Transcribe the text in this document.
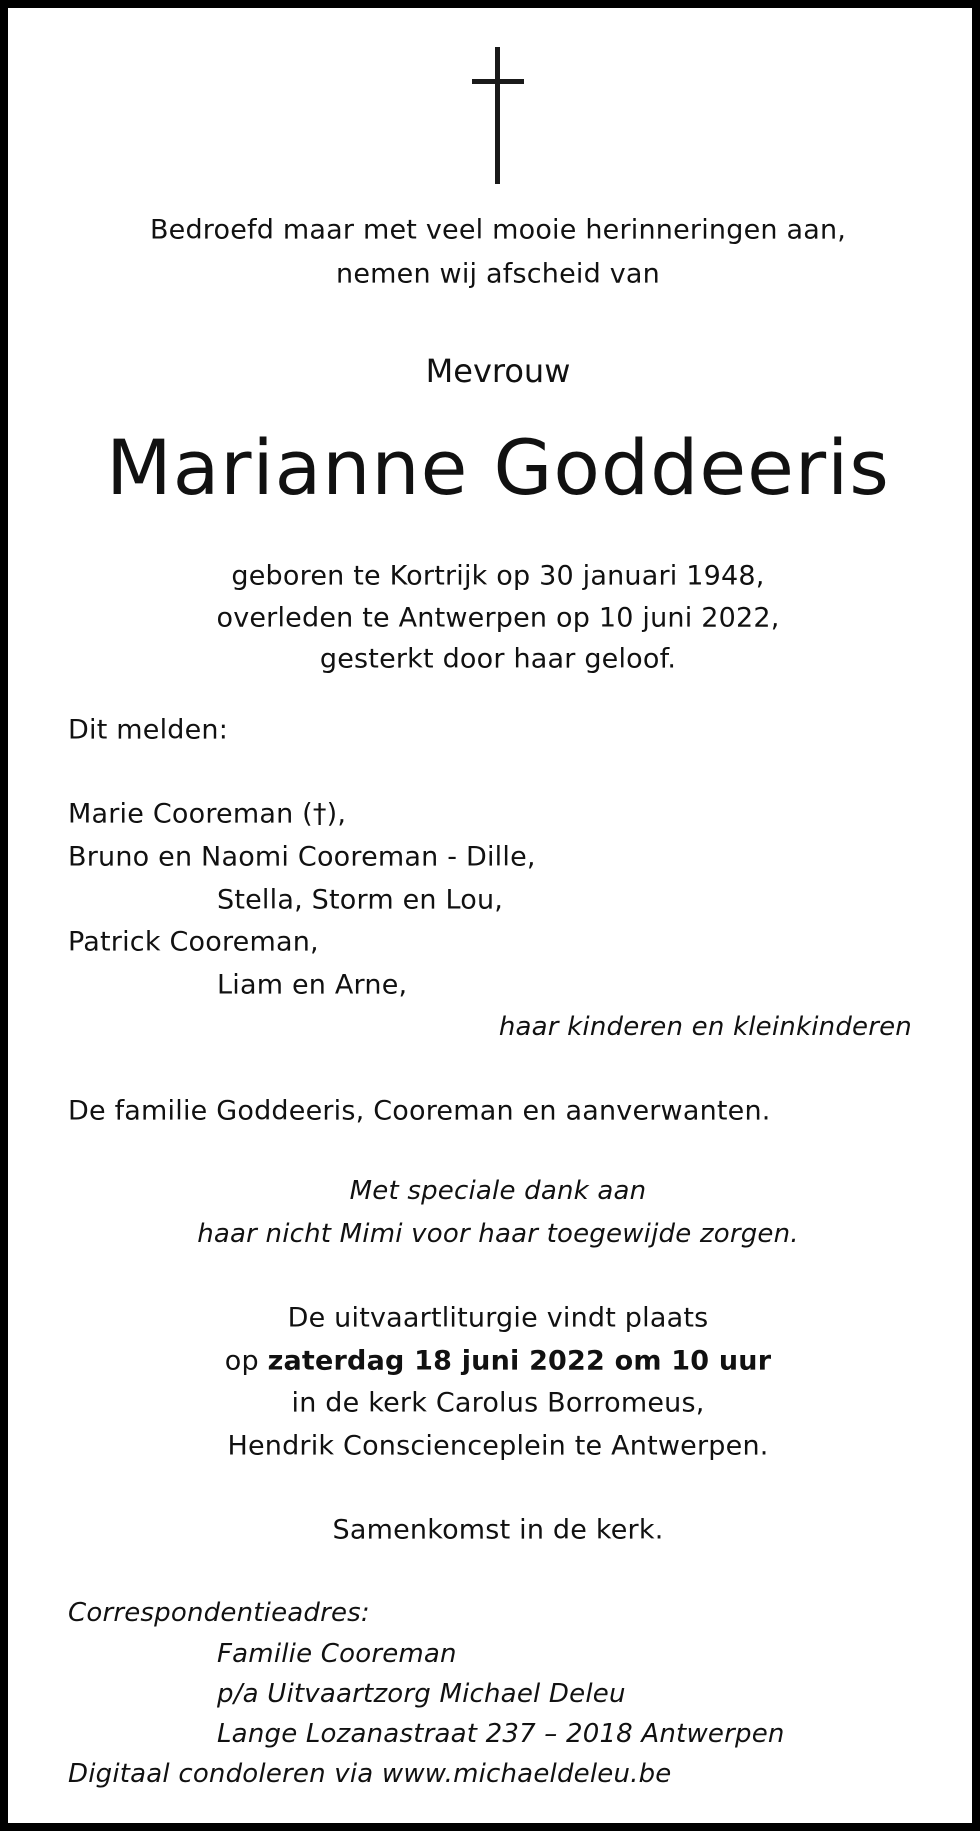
Bedroefd maar met veel mooie herinneringen aan,
nemen wij afscheid van
Mevrouw
Marianne Goddeeris
geboren te Kortrijk op 30 januari 1948,
overleden te Antwerpen op 10 juni 2022,
gesterkt door haar geloof.
Dit melden:
Marie Cooreman (†),
Bruno en Naomi Cooreman - Dille,
Stella, Storm en Lou,
Patrick Cooreman,
Liam en Arne,
haar kinderen en kleinkinderen
De familie Goddeeris, Cooreman en aanverwanten.
Met speciale dank aan
haar nicht Mimi voor haar toegewijde zorgen.
De uitvaartliturgie vindt plaats
op zaterdag 18 juni 2022 om 10 uur
in de kerk Carolus Borromeus,
Hendrik Conscienceplein te Antwerpen.
Samenkomst in de kerk.
Correspondentieadres:
Familie Cooreman
p/a Uitvaartzorg Michael Deleu
Lange Lozanastraat 237 – 2018 Antwerpen
Digitaal condoleren via www.michaeldeleu.be
